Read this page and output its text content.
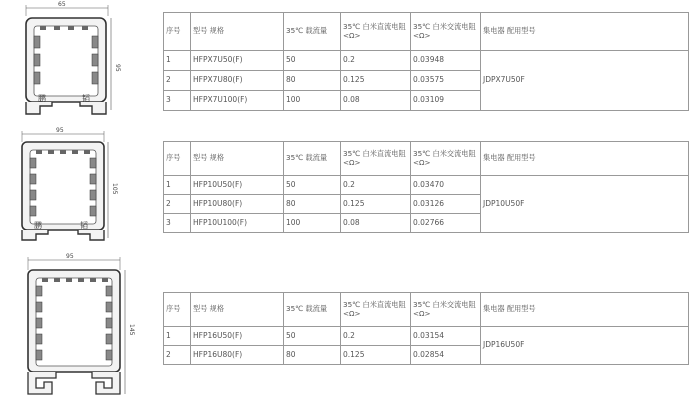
65
95
鹏	韬
95
105
鹏	韬
95
145
序号	型号 规格	35℃ 载流量	35℃ 白米直流电阻 <Ω>	35℃ 白米交流电阻 <Ω>	集电器 配用型号
1	HFPX7U50(F)	50	0.2	0.03948	JDPX7U50F
2	HFPX7U80(F)	80	0.125	0.03575	
3	HFPX7U100(F)	100	0.08	0.03109	
序号	型号 规格	35℃ 载流量	35℃ 白米直流电阻 <Ω>	35℃ 白米交流电阻 <Ω>	集电器 配用型号
1	HFP10U50(F)	50	0.2	0.03470	JDP10U50F
2	HFP10U80(F)	80	0.125	0.03126	
3	HFP10U100(F)	100	0.08	0.02766	
序号	型号 规格	35℃ 载流量	35℃ 白米直流电阻 <Ω>	35℃ 白米交流电阻 <Ω>	集电器 配用型号
1	HFP16U50(F)	50	0.2	0.03154	JDP16U50F
2	HFP16U80(F)	80	0.125	0.02854	
